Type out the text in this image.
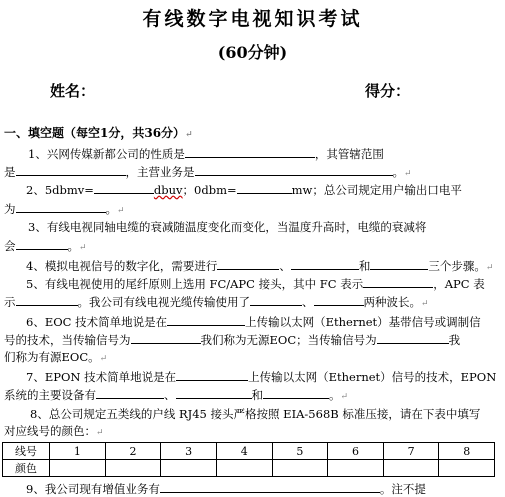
有线数字电视知识考试
(60分钟)
姓名：	得分：
一、填空题（每空1分，共36分）↵
1、兴网传媒新都公司的性质是	，其管辖范围
是	，主营业务是	。↵
2、5dbmv=	dbuv；0dbm=	mw；总公司规定用户输出口电平
为	。↵
3、有线电视同轴电缆的衰减随温度变化而变化，当温度升高时，电缆的衰减将
会	。↵
4、模拟电视信号的数字化，需要进行	、	和	三个步骤。↵
5、有线电视使用的尾纤原则上选用 FC/APC 接头，其中 FC 表示	，APC 表
示	。我公司有线电视光缆传输使用了	、	两种波长。↵
6、EOC 技术简单地说是在	上传输以太网（Ethernet）基带信号或调制信
号的技术，当传输信号为	我们称为无源EOC；当传输信号为	我
们称为有源EOC。↵
7、EPON 技术简单地说是在	上传输以太网（Ethernet）信号的技术，EPON
系统的主要设备有	、	和	。↵
8、总公司规定五类线的户线 RJ45 接头严格按照 EIA-568B 标准压接，请在下表中填写
对应线号的颜色：↵
线号	1	2	3	4	5	6	7	8
颜色								
9、我公司现有增值业务有	。注不提
